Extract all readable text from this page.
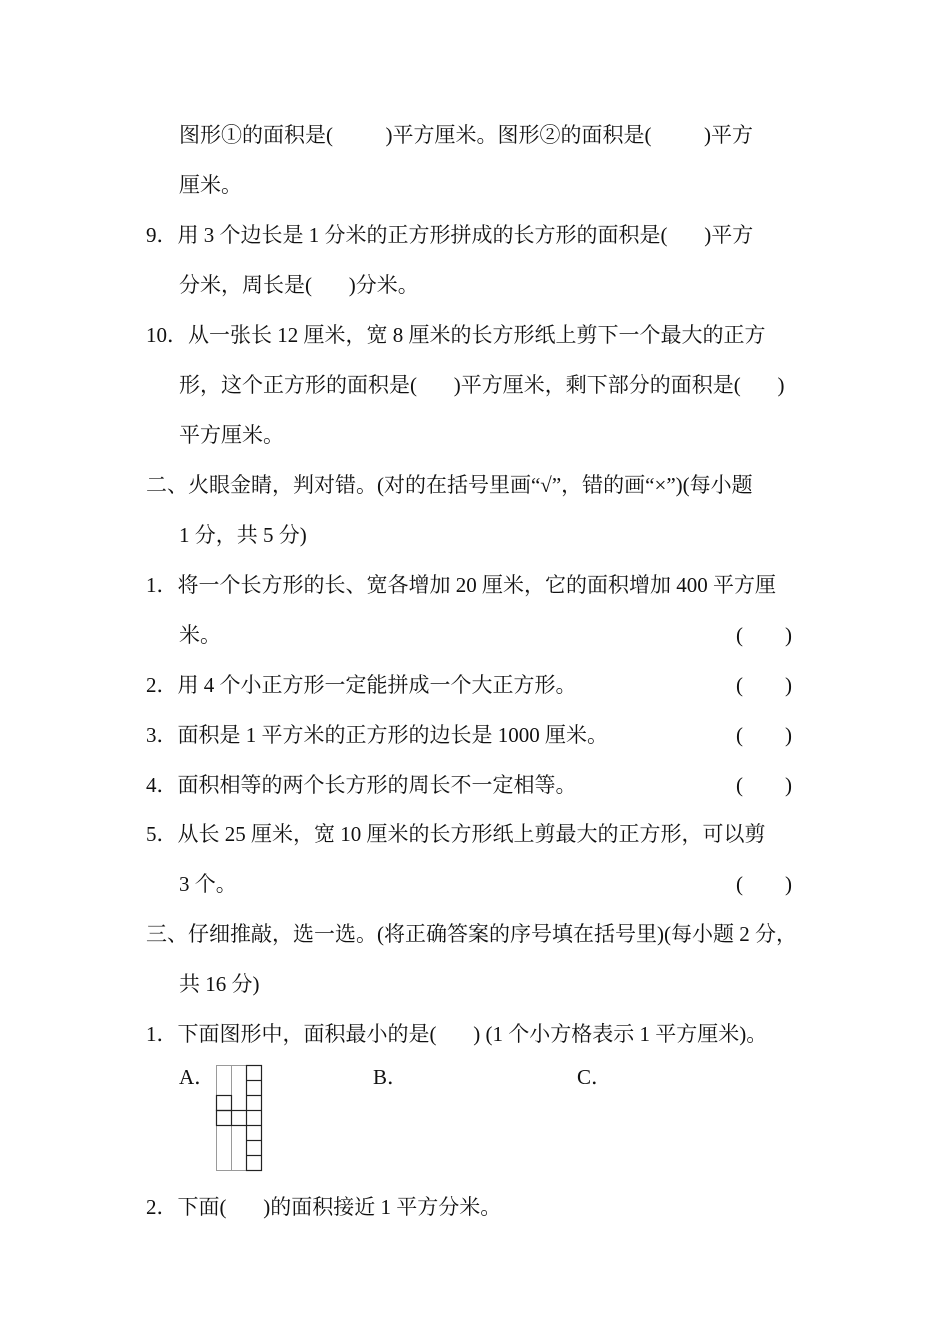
图形①的面积是(          )平方厘米。图形②的面积是(          )平方
厘米。
9．用 3 个边长是 1 分米的正方形拼成的长方形的面积是(       )平方
分米，周长是(       )分米。
10．从一张长 12 厘米，宽 8 厘米的长方形纸上剪下一个最大的正方
形，这个正方形的面积是(       )平方厘米，剩下部分的面积是(       )
平方厘米。
二、火眼金睛，判对错。(对的在括号里画“√”，错的画“×”)(每小题
1 分，共 5 分)
1．将一个长方形的长、宽各增加 20 厘米，它的面积增加 400 平方厘
米。	(        )
2．用 4 个小正方形一定能拼成一个大正方形。	(        )
3．面积是 1 平方米的正方形的边长是 1000 厘米。	(        )
4．面积相等的两个长方形的周长不一定相等。	(        )
5．从长 25 厘米，宽 10 厘米的长方形纸上剪最大的正方形，可以剪
3 个。	(        )
三、仔细推敲，选一选。(将正确答案的序号填在括号里)(每小题 2 分，
共 16 分)
1．下面图形中，面积最小的是(       ) (1 个小方格表示 1 平方厘米)。
A．	B．	C．
2．下面(       )的面积接近 1 平方分米。
